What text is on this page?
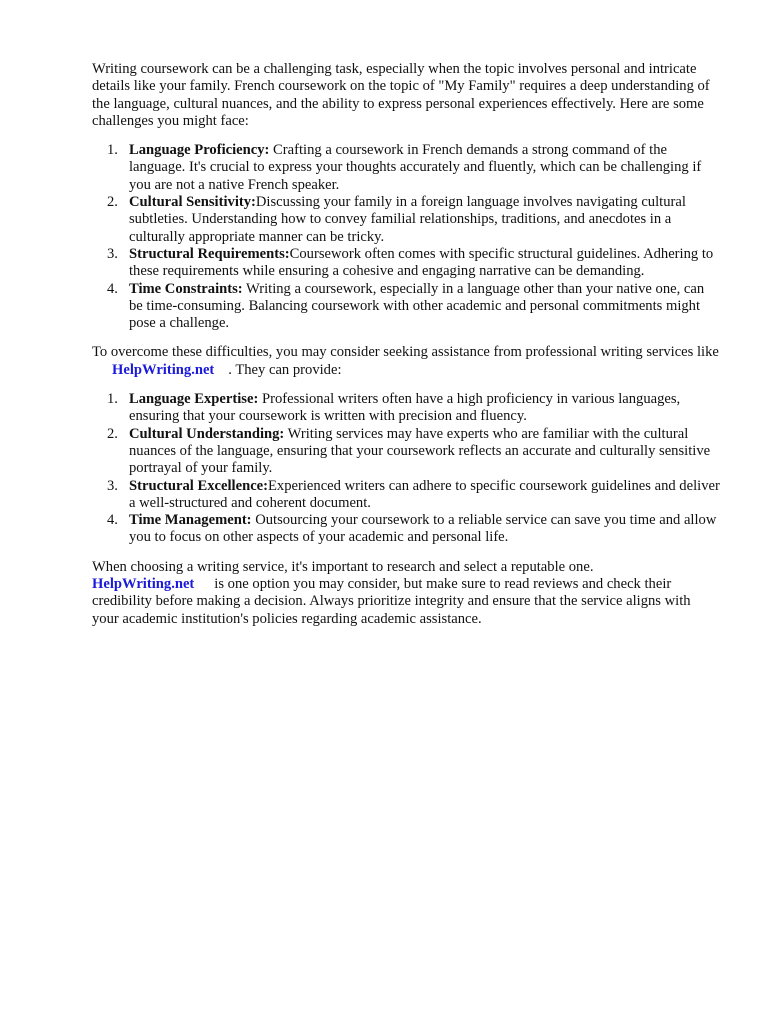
Writing coursework can be a challenging task, especially when the topic involves personal and intricate details like your family. French coursework on the topic of "My Family" requires a deep understanding of the language, cultural nuances, and the ability to express personal experiences effectively. Here are some challenges you might face:

1. Language Proficiency: Crafting a coursework in French demands a strong command of the language. It's crucial to express your thoughts accurately and fluently, which can be challenging if you are not a native French speaker.
2. Cultural Sensitivity:Discussing your family in a foreign language involves navigating cultural subtleties. Understanding how to convey familial relationships, traditions, and anecdotes in a culturally appropriate manner can be tricky.
3. Structural Requirements:Coursework often comes with specific structural guidelines. Adhering to these requirements while ensuring a cohesive and engaging narrative can be demanding.
4. Time Constraints: Writing a coursework, especially in a language other than your native one, can be time-consuming. Balancing coursework with other academic and personal commitments might pose a challenge.

To overcome these difficulties, you may consider seeking assistance from professional writing services likeHelpWriting.net . They can provide:

1. Language Expertise: Professional writers often have a high proficiency in various languages, ensuring that your coursework is written with precision and fluency.
2. Cultural Understanding: Writing services may have experts who are familiar with the cultural nuances of the language, ensuring that your coursework reflects an accurate and culturally sensitive portrayal of your family.
3. Structural Excellence:Experienced writers can adhere to specific coursework guidelines and deliver a well-structured and coherent document.
4. Time Management: Outsourcing your coursework to a reliable service can save you time and allow you to focus on other aspects of your academic and personal life.

When choosing a writing service, it's important to research and select a reputable one.
HelpWriting.net is one option you may consider, but make sure to read reviews and check their credibility before making a decision. Always prioritize integrity and ensure that the service aligns with your academic institution's policies regarding academic assistance.
